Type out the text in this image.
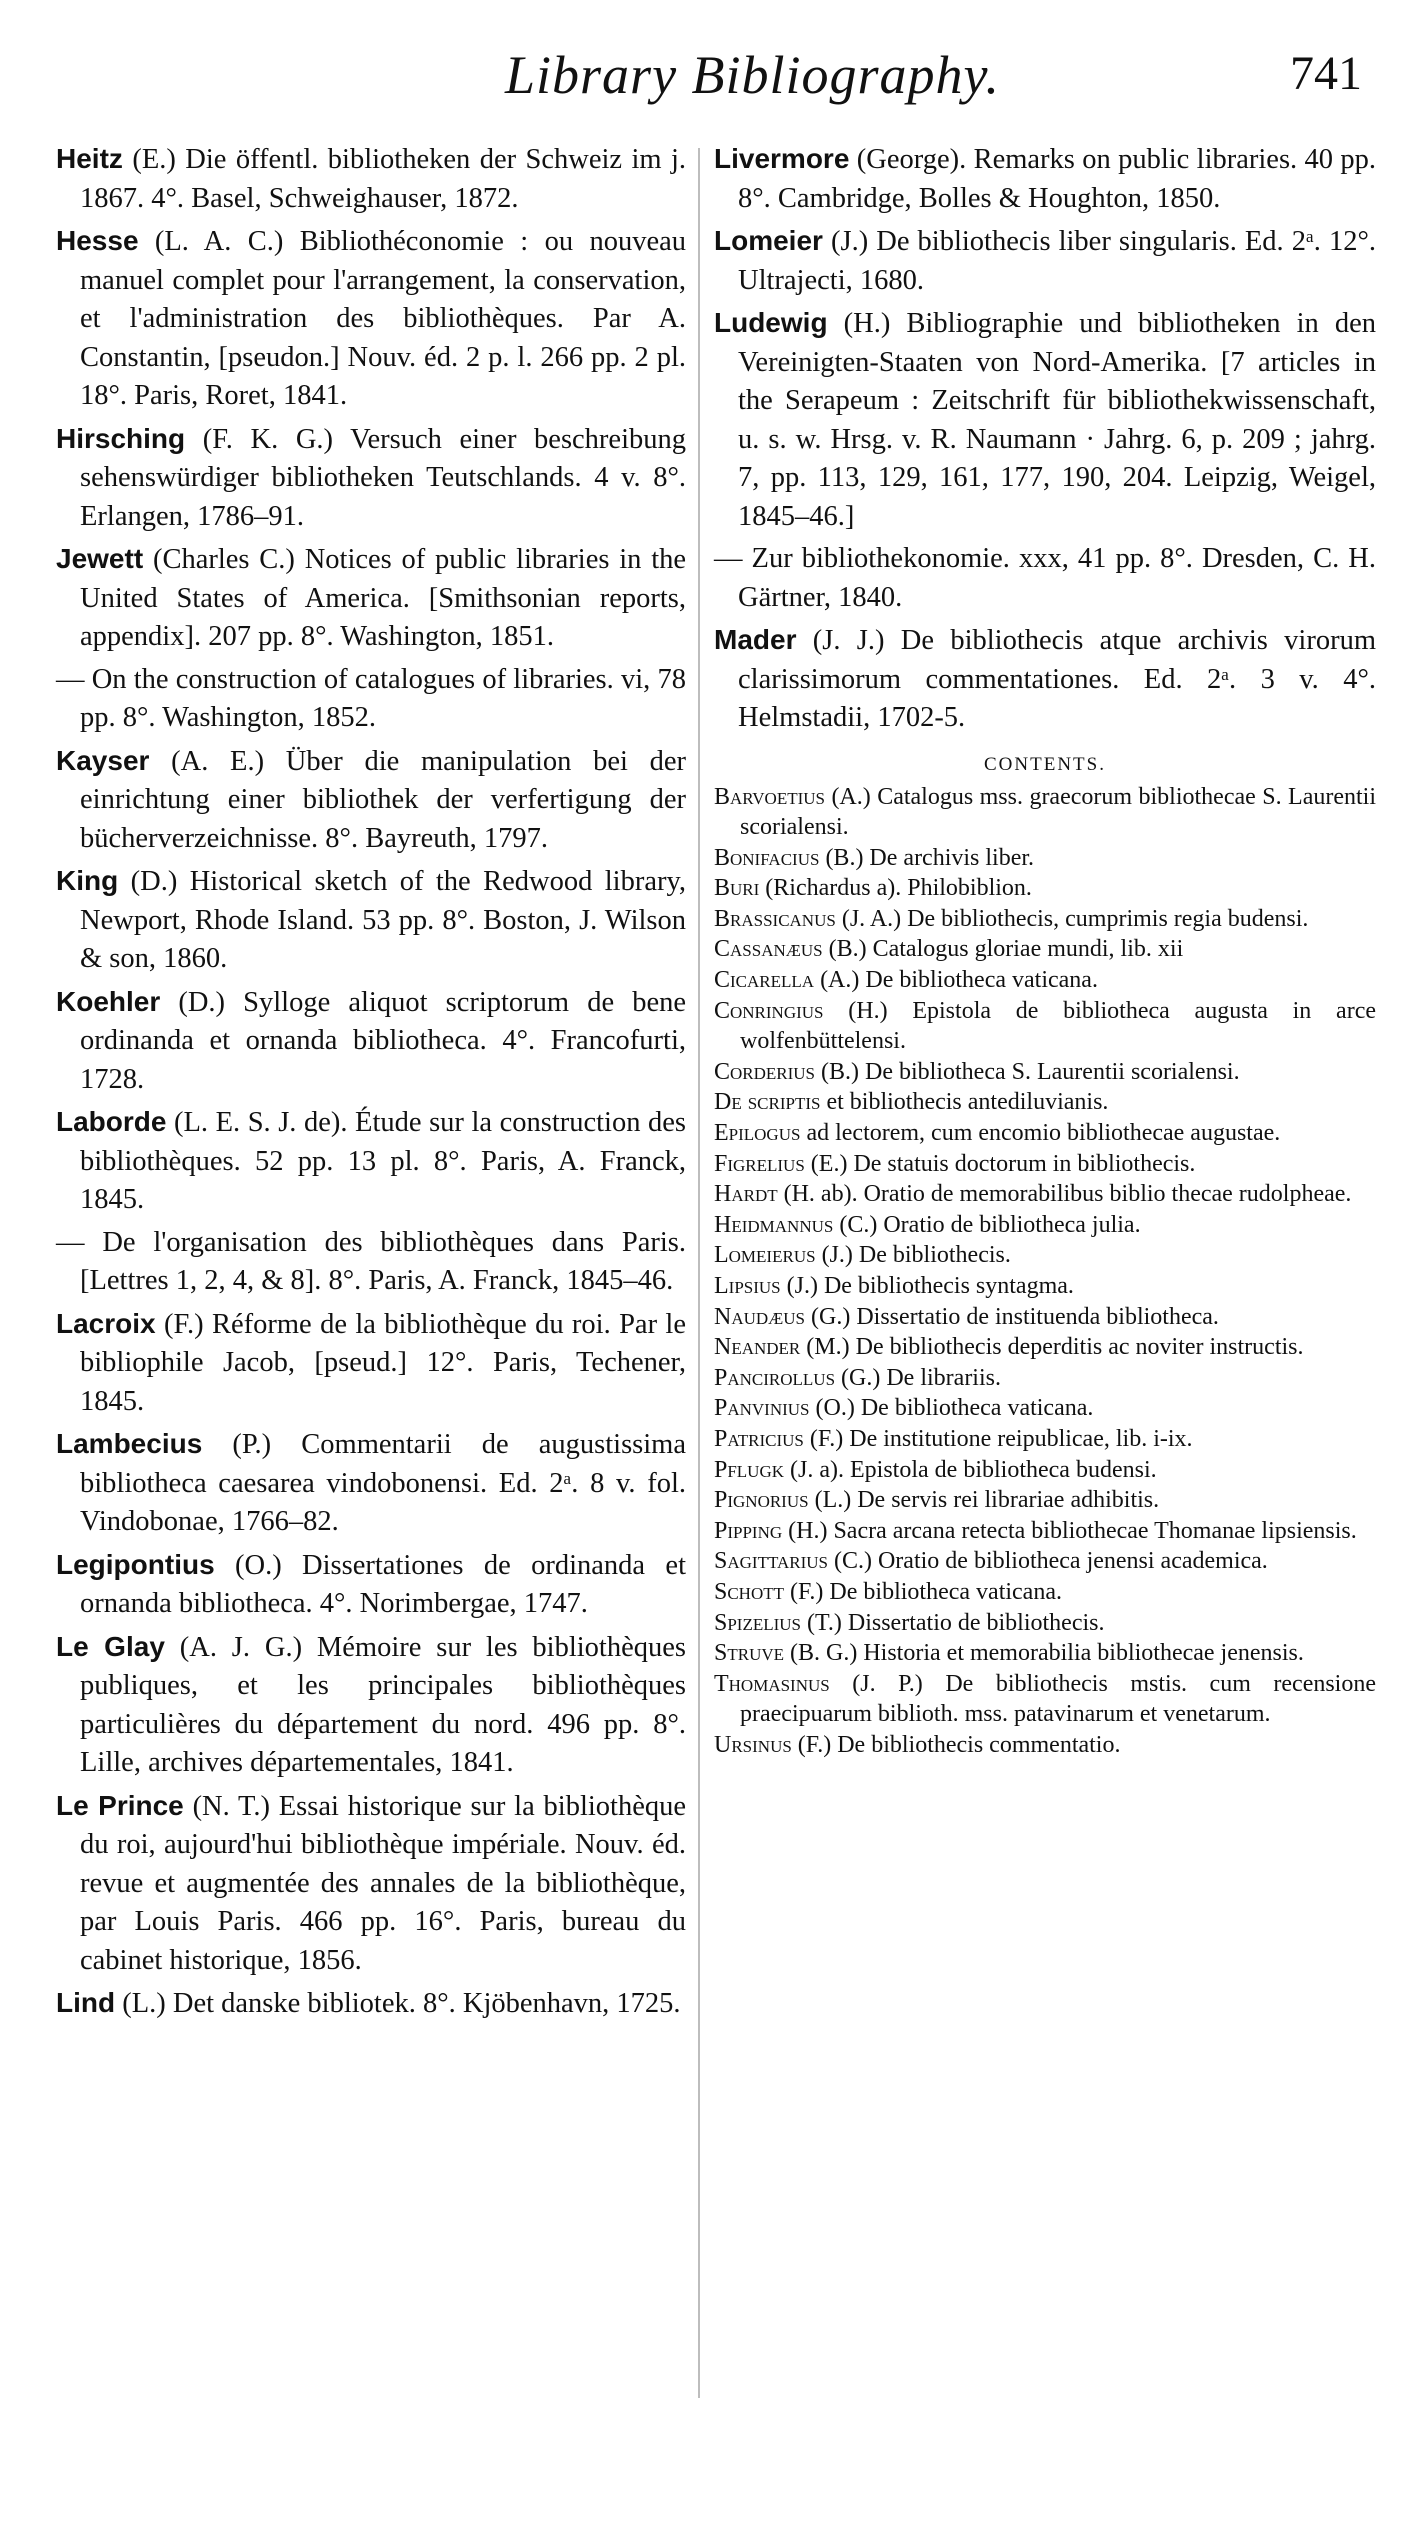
Library Bibliography.	741

Heitz (E.) Die öffentl. bibliotheken der Schweiz im j. 1867. 4°. Basel, Schweighauser, 1872.

Hesse (L. A. C.) Bibliothéconomie : ou nouveau manuel complet pour l'arrangement, la conservation, et l'administration des bibliothèques. Par A. Constantin, [pseudon.] Nouv. éd. 2 p. l. 266 pp. 2 pl. 18°. Paris, Roret, 1841.

Hirsching (F. K. G.) Versuch einer beschreibung sehenswürdiger bibliotheken Teutschlands. 4 v. 8°. Erlangen, 1786–91.

Jewett (Charles C.) Notices of public libraries in the United States of America. [Smithsonian reports, appendix]. 207 pp. 8°. Washington, 1851.

— On the construction of catalogues of libraries. vi, 78 pp. 8°. Washington, 1852.

Kayser (A. E.) Über die manipulation bei der einrichtung einer bibliothek der verfertigung der bücherverzeichnisse. 8°. Bayreuth, 1797.

King (D.) Historical sketch of the Redwood library, Newport, Rhode Island. 53 pp. 8°. Boston, J. Wilson & son, 1860.

Koehler (D.) Sylloge aliquot scriptorum de bene ordinanda et ornanda bibliotheca. 4°. Francofurti, 1728.

Laborde (L. E. S. J. de). Étude sur la construction des bibliothèques. 52 pp. 13 pl. 8°. Paris, A. Franck, 1845.

— De l'organisation des bibliothèques dans Paris. [Lettres 1, 2, 4, & 8]. 8°. Paris, A. Franck, 1845–46.

Lacroix (F.) Réforme de la bibliothèque du roi. Par le bibliophile Jacob, [pseud.] 12°. Paris, Techener, 1845.

Lambecius (P.) Commentarii de augustissima bibliotheca caesarea vindobonensi. Ed. 2ᵃ. 8 v. fol. Vindobonae, 1766–82.

Legipontius (O.) Dissertationes de ordinanda et ornanda bibliotheca. 4°. Norimbergae, 1747.

Le Glay (A. J. G.) Mémoire sur les bibliothèques publiques, et les principales bibliothèques particulières du département du nord. 496 pp. 8°. Lille, archives départementales, 1841.

Le Prince (N. T.) Essai historique sur la bibliothèque du roi, aujourd'hui bibliothèque impériale. Nouv. éd. revue et augmentée des annales de la bibliothèque, par Louis Paris. 466 pp. 16°. Paris, bureau du cabinet historique, 1856.

Lind (L.) Det danske bibliotek. 8°. Kjöbenhavn, 1725.

Livermore (George). Remarks on public libraries. 40 pp. 8°. Cambridge, Bolles & Houghton, 1850.

Lomeier (J.) De bibliothecis liber singularis. Ed. 2ᵃ. 12°. Ultrajecti, 1680.

Ludewig (H.) Bibliographie und bibliotheken in den Vereinigten-Staaten von Nord-Amerika. [7 articles in the Serapeum : Zeitschrift für bibliothekwissenschaft, u. s. w. Hrsg. v. R. Naumann · Jahrg. 6, p. 209 ; jahrg. 7, pp. 113, 129, 161, 177, 190, 204. Leipzig, Weigel, 1845–46.]

— Zur bibliothekonomie. xxx, 41 pp. 8°. Dresden, C. H. Gärtner, 1840.

Mader (J. J.) De bibliothecis atque archivis virorum clarissimorum commentationes. Ed. 2ᵃ. 3 v. 4°. Helmstadii, 1702-5.

CONTENTS.
Barvoetius (A.) Catalogus mss. graecorum bibliothecae S. Laurentii scorialensi.
Bonifacius (B.) De archivis liber.
Buri (Richardus a). Philobiblion.
Brassicanus (J. A.) De bibliothecis, cumprimis regia budensi.
Cassanæus (B.) Catalogus gloriae mundi, lib. xii
Cicarella (A.) De bibliotheca vaticana.
Conringius (H.) Epistola de bibliotheca augusta in arce wolfenbüttelensi.
Corderius (B.) De bibliotheca S. Laurentii scorialensi.
De scriptis et bibliothecis antediluvianis.
Epilogus ad lectorem, cum encomio bibliothecae augustae.
Figrelius (E.) De statuis doctorum in bibliothecis.
Hardt (H. ab). Oratio de memorabilibus biblio thecae rudolpheae.
Heidmannus (C.) Oratio de bibliotheca julia.
Lomeierus (J.) De bibliothecis.
Lipsius (J.) De bibliothecis syntagma.
Naudæus (G.) Dissertatio de instituenda bibliotheca.
Neander (M.) De bibliothecis deperditis ac noviter instructis.
Pancirollus (G.) De librariis.
Panvinius (O.) De bibliotheca vaticana.
Patricius (F.) De institutione reipublicae, lib. i-ix.
Pflugk (J. a). Epistola de bibliotheca budensi.
Pignorius (L.) De servis rei librariae adhibitis.
Pipping (H.) Sacra arcana retecta bibliothecae Thomanae lipsiensis.
Sagittarius (C.) Oratio de bibliotheca jenensi academica.
Schott (F.) De bibliotheca vaticana.
Spizelius (T.) Dissertatio de bibliothecis.
Struve (B. G.) Historia et memorabilia bibliothecae jenensis.
Thomasinus (J. P.) De bibliothecis mstis. cum recensione praecipuarum biblioth. mss. patavinarum et venetarum.
Ursinus (F.) De bibliothecis commentatio.
